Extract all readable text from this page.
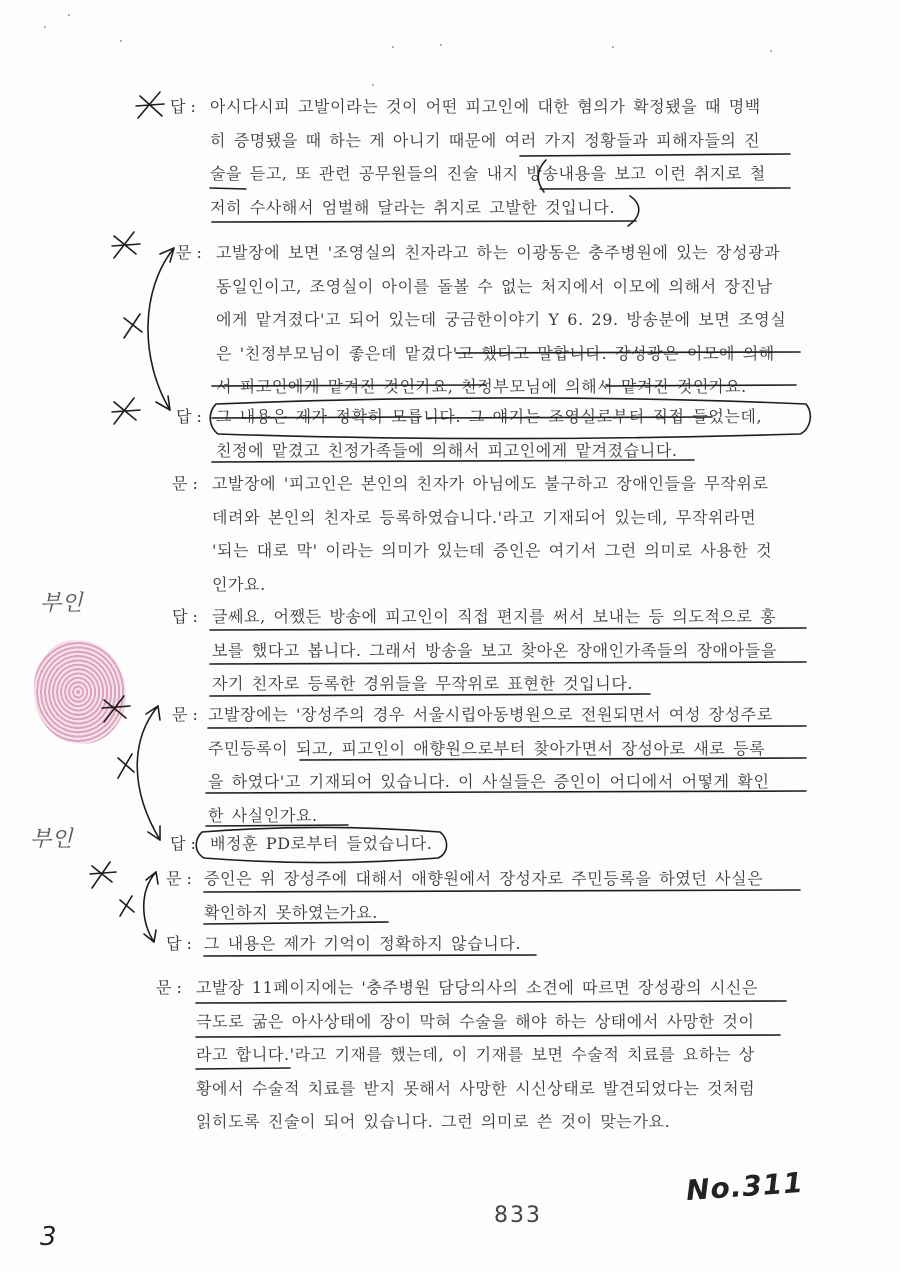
답 : 아시다시피 고발이라는 것이 어떤 피고인에 대한 혐의가 확정됐을 때 명백
히 증명됐을 때 하는 게 아니기 때문에 여러 가지 정황들과 피해자들의 진
술을 듣고, 또 관련 공무원들의 진술 내지 방송내용을 보고 이런 취지로 철
저히 수사해서 엄벌해 달라는 취지로 고발한 것입니다.
문 : 고발장에 보면 '조영실의 친자라고 하는 이광동은 충주병원에 있는 장성광과
동일인이고, 조영실이 아이를 돌볼 수 없는 처지에서 이모에 의해서 장진남
에게 맡겨졌다'고 되어 있는데 궁금한이야기 Y 6. 29. 방송분에 보면 조영실
은 '친정부모님이 좋은데 맡겼다'고 했다고 말합니다. 장성광은 이모에 의해
서 피고인에게 맡겨진 것인가요, 친정부모님에 의해서 맡겨진 것인가요.
답 : 그 내용은 제가 정확히 모릅니다. 그 얘기는 조영실로부터 직접 들었는데,
친정에 맡겼고 친정가족들에 의해서 피고인에게 맡겨졌습니다.
문 : 고발장에 '피고인은 본인의 친자가 아님에도 불구하고 장애인들을 무작위로
데려와 본인의 친자로 등록하였습니다.'라고 기재되어 있는데, 무작위라면
'되는 대로 막' 이라는 의미가 있는데 증인은 여기서 그런 의미로 사용한 것
인가요.
답 : 글쎄요, 어쨌든 방송에 피고인이 직접 편지를 써서 보내는 등 의도적으로 홍
보를 했다고 봅니다. 그래서 방송을 보고 찾아온 장애인가족들의 장애아들을
자기 친자로 등록한 경위들을 무작위로 표현한 것입니다.
문 : 고발장에는 '장성주의 경우 서울시립아동병원으로 전원되면서 여성 장성주로
주민등록이 되고, 피고인이 애향원으로부터 찾아가면서 장성아로 새로 등록
을 하였다'고 기재되어 있습니다. 이 사실들은 증인이 어디에서 어떻게 확인
한 사실인가요.
답 : 배정훈 PD로부터 들었습니다.
문 : 증인은 위 장성주에 대해서 애향원에서 장성자로 주민등록을 하였던 사실은
확인하지 못하였는가요.
답 : 그 내용은 제가 기억이 정확하지 않습니다.
문 : 고발장 11페이지에는 '충주병원 담당의사의 소견에 따르면 장성광의 시신은
극도로 굶은 아사상태에 장이 막혀 수술을 해야 하는 상태에서 사망한 것이
라고 합니다.'라고 기재를 했는데, 이 기재를 보면 수술적 치료를 요하는 상
황에서 수술적 치료를 받지 못해서 사망한 시신상태로 발견되었다는 것처럼
읽히도록 진술이 되어 있습니다. 그런 의미로 쓴 것이 맞는가요.
부인
부인
No.311
833
3
